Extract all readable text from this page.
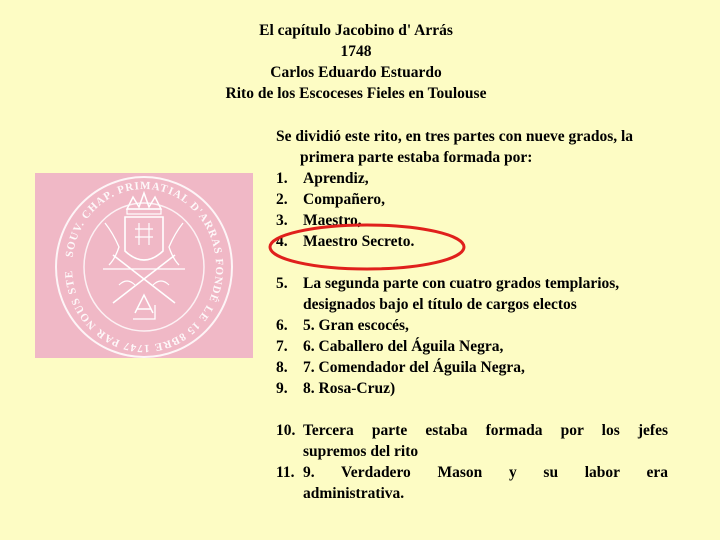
El capítulo Jacobino d' Arrás
1748
Carlos Eduardo Estuardo
Rito de los Escoceses Fieles en Toulouse
SOUV. CHAP. PRIMATIAL D'ARRAS FONDÉ LE 15 8BRE 1747 PAR NOUS STE

Se dividió este rito, en tres partes con nueve grados, la primera parte estaba formada por:

1. Aprendiz,
2. Compañero,
3. Maestro,
4. Maestro Secreto.
5. La segunda parte con cuatro grados templarios, designados bajo el título de cargos electos
6. 5. Gran escocés,
7. 6. Caballero del Águila Negra,
8. 7. Comendador del Águila Negra,
9. 8. Rosa-Cruz)
10. Tercera parte estaba formada por los jefes
supremos del rito
11. 9. Verdadero Mason y su labor era
administrativa.
